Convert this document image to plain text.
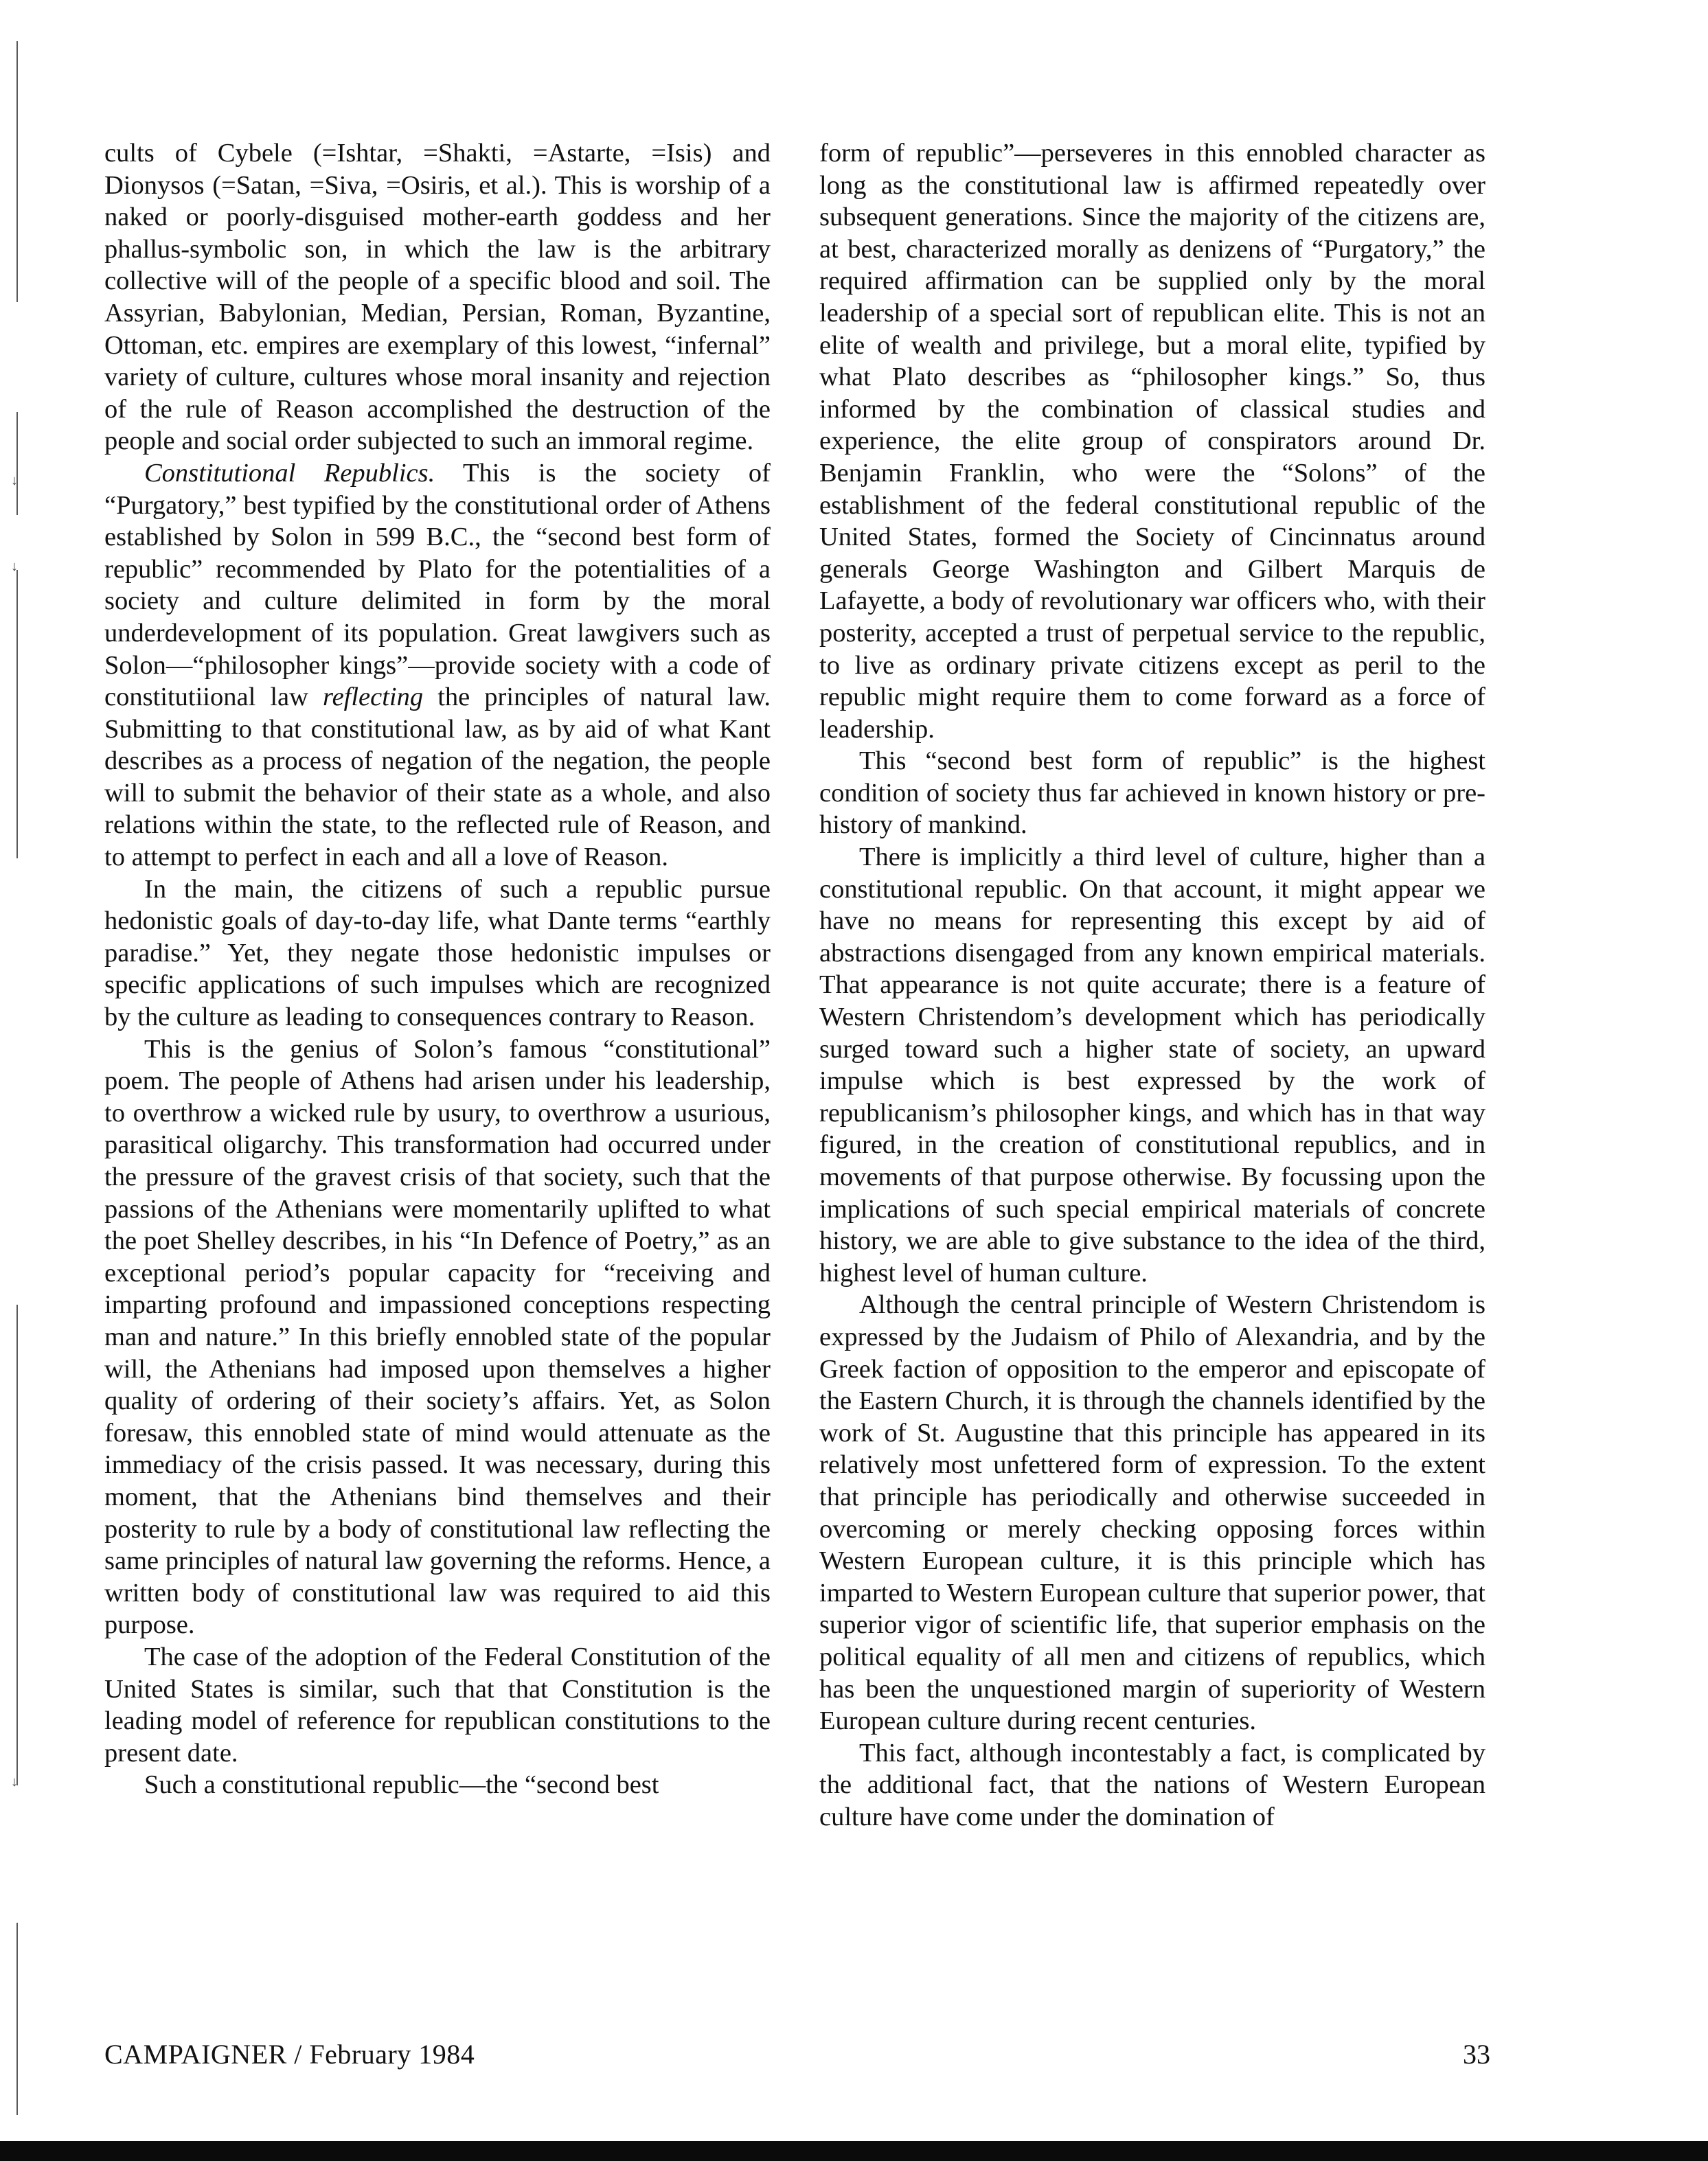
cults of Cybele (=Ishtar, =Shakti, =Astarte, =Isis) and Dionysos (=Satan, =Siva, =Osiris, et al.). This is worship of a naked or poorly-disguised mother-earth goddess and her phallus-symbolic son, in which the law is the arbitrary collective will of the people of a specific blood and soil. The Assyrian, Babylonian, Median, Persian, Roman, Byzantine, Ottoman, etc. empires are exemplary of this lowest, “infernal” variety of culture, cultures whose moral insanity and rejection of the rule of Reason accomplished the destruction of the people and social order subjected to such an immoral regime.

Constitutional Republics. This is the society of “Purgatory,” best typified by the constitutional order of Athens established by Solon in 599 B.C., the “second best form of republic” recommended by Plato for the potentialities of a society and culture delimited in form by the moral underdevelopment of its population. Great lawgivers such as Solon—“philosopher kings”—provide society with a code of constitutiional law reflecting the principles of natural law. Submitting to that constitutional law, as by aid of what Kant describes as a process of negation of the negation, the people will to submit the behavior of their state as a whole, and also relations within the state, to the reflected rule of Reason, and to attempt to perfect in each and all a love of Reason.

In the main, the citizens of such a republic pursue hedonistic goals of day-to-day life, what Dante terms “earthly paradise.” Yet, they negate those hedonistic impulses or specific applications of such impulses which are recognized by the culture as leading to consequences contrary to Reason.

This is the genius of Solon’s famous “constitutional” poem. The people of Athens had arisen under his leadership, to overthrow a wicked rule by usury, to overthrow a usurious, parasitical oligarchy. This transformation had occurred under the pressure of the gravest crisis of that society, such that the passions of the Athenians were momentarily uplifted to what the poet Shelley describes, in his “In Defence of Poetry,” as an exceptional period’s popular capacity for “receiving and imparting profound and impassioned conceptions respecting man and nature.” In this briefly ennobled state of the popular will, the Athenians had imposed upon themselves a higher quality of ordering of their society’s affairs. Yet, as Solon foresaw, this ennobled state of mind would attenuate as the immediacy of the crisis passed. It was necessary, during this moment, that the Athenians bind themselves and their posterity to rule by a body of constitutional law reflecting the same principles of natural law governing the reforms. Hence, a written body of constitutional law was required to aid this purpose.

The case of the adoption of the Federal Constitution of the United States is similar, such that that Constitution is the leading model of reference for republican constitutions to the present date.

Such a constitutional republic—the “second best

form of republic”—perseveres in this ennobled character as long as the constitutional law is affirmed repeatedly over subsequent generations. Since the majority of the citizens are, at best, characterized morally as denizens of “Purgatory,” the required affirmation can be supplied only by the moral leadership of a special sort of republican elite. This is not an elite of wealth and privilege, but a moral elite, typified by what Plato describes as “philosopher kings.” So, thus informed by the combination of classical studies and experience, the elite group of conspirators around Dr. Benjamin Franklin, who were the “Solons” of the establishment of the federal constitutional republic of the United States, formed the Society of Cincinnatus around generals George Washington and Gilbert Marquis de Lafayette, a body of revolutionary war officers who, with their posterity, accepted a trust of perpetual service to the republic, to live as ordinary private citizens except as peril to the republic might require them to come forward as a force of leadership.

This “second best form of republic” is the highest condition of society thus far achieved in known history or pre-history of mankind.

There is implicitly a third level of culture, higher than a constitutional republic. On that account, it might appear we have no means for representing this except by aid of abstractions disengaged from any known empirical materials. That appearance is not quite accurate; there is a feature of Western Christendom’s development which has periodically surged toward such a higher state of society, an upward impulse which is best expressed by the work of republicanism’s philosopher kings, and which has in that way figured, in the creation of constitutional republics, and in movements of that purpose otherwise. By focussing upon the implications of such special empirical materials of concrete history, we are able to give substance to the idea of the third, highest level of human culture.

Although the central principle of Western Christendom is expressed by the Judaism of Philo of Alexandria, and by the Greek faction of opposition to the emperor and episcopate of the Eastern Church, it is through the channels identified by the work of St. Augustine that this principle has appeared in its relatively most unfettered form of expression. To the extent that principle has periodically and otherwise succeeded in overcoming or merely checking opposing forces within Western European culture, it is this principle which has imparted to Western European culture that superior power, that superior vigor of scientific life, that superior emphasis on the political equality of all men and citizens of republics, which has been the unquestioned margin of superiority of Western European culture during recent centuries.

This fact, although incontestably a fact, is complicated by the additional fact, that the nations of Western European culture have come under the domination of

CAMPAIGNER / February 1984	33
↓
↓
↓
